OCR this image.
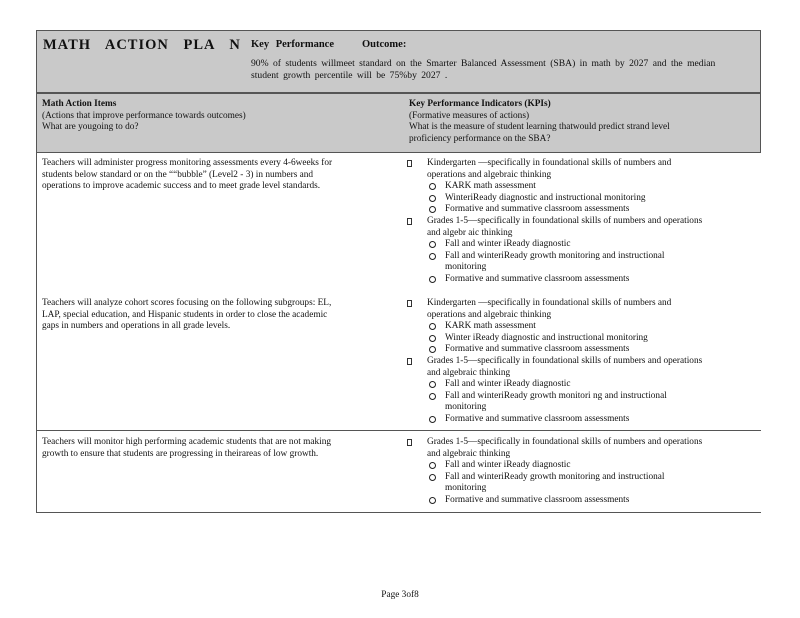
MATH ACTION PLA N Key Performance	Outcome:
90% of students willmeet standard on the Smarter Balanced Assessment (SBA) in math by 2027 and the median
student growth percentile will be 75%by 2027 .
Math Action Items
(Actions that improve performance towards outcomes)
What are yougoing to do?
Key Performance Indicators (KPIs)
(Formative measures of actions)
What is the measure of student learning thatwould predict strand level
proficiency performance on the SBA?
Teachers will administer progress monitoring assessments every 4-6weeks for
students below standard or on the ““bubble” (Level2 - 3) in numbers and
operations to improve academic success and to meet grade level standards.
Kindergarten —specifically in foundational skills of numbers and
operations and algebraic thinking
KARK math assessment
WinteriReady diagnostic and instructional monitoring
Formative and summative classroom assessments
Grades 1-5—specifically in foundational skills of numbers and operations
and algebr aic thinking
Fall and winter iReady diagnostic
Fall and winteriReady growth monitoring and instructional
monitoring
Formative and summative classroom assessments
Teachers will analyze cohort scores focusing on the following subgroups: EL,
LAP, special education, and Hispanic students in order to close the academic
gaps in numbers and operations in all grade levels.
Kindergarten —specifically in foundational skills of numbers and
operations and algebraic thinking
KARK math assessment
Winter iReady diagnostic and instructional monitoring
Formative and summative classroom assessments
Grades 1-5—specifically in foundational skills of numbers and operations
and algebraic thinking
Fall and winter iReady diagnostic
Fall and winteriReady growth monitori ng and instructional
monitoring
Formative and summative classroom assessments
Teachers will monitor high performing academic students that are not making
growth to ensure that students are progressing in theirareas of low growth.
Grades 1-5—specifically in foundational skills of numbers and operations
and algebraic thinking
Fall and winter iReady diagnostic
Fall and winteriReady growth monitoring and instructional
monitoring
Formative and summative classroom assessments
Page 3of8
